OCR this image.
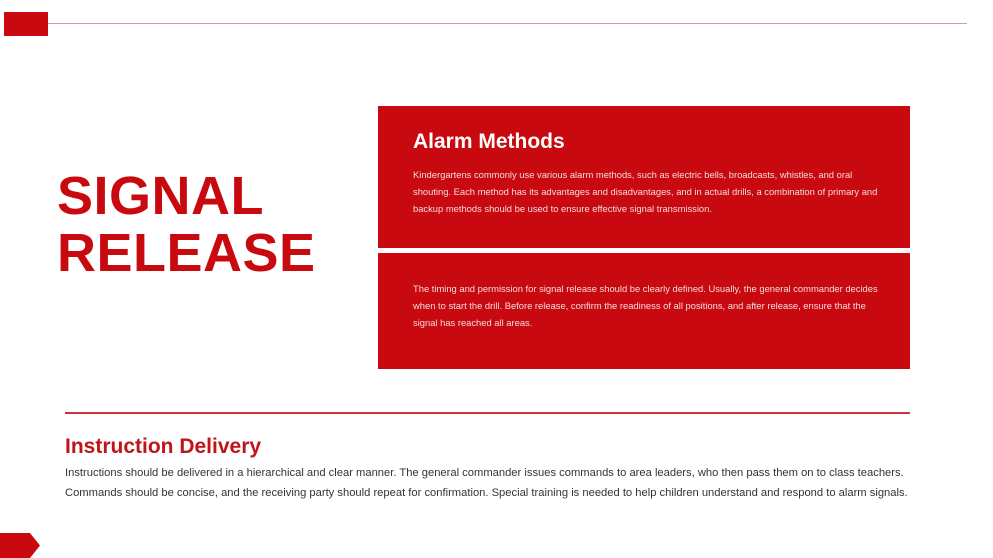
SIGNAL
RELEASE
Alarm Methods

Kindergartens commonly use various alarm methods, such as electric bells, broadcasts, whistles, and oral shouting. Each method has its advantages and disadvantages, and in actual drills, a combination of primary and backup methods should be used to ensure effective signal transmission.

The timing and permission for signal release should be clearly defined. Usually, the general commander decides when to start the drill. Before release, confirm the readiness of all positions, and after release, ensure that the signal has reached all areas.

Instruction Delivery
Instructions should be delivered in a hierarchical and clear manner. The general commander issues commands to area leaders, who then pass them on to class teachers.
Commands should be concise, and the receiving party should repeat for confirmation. Special training is needed to help children understand and respond to alarm signals.
